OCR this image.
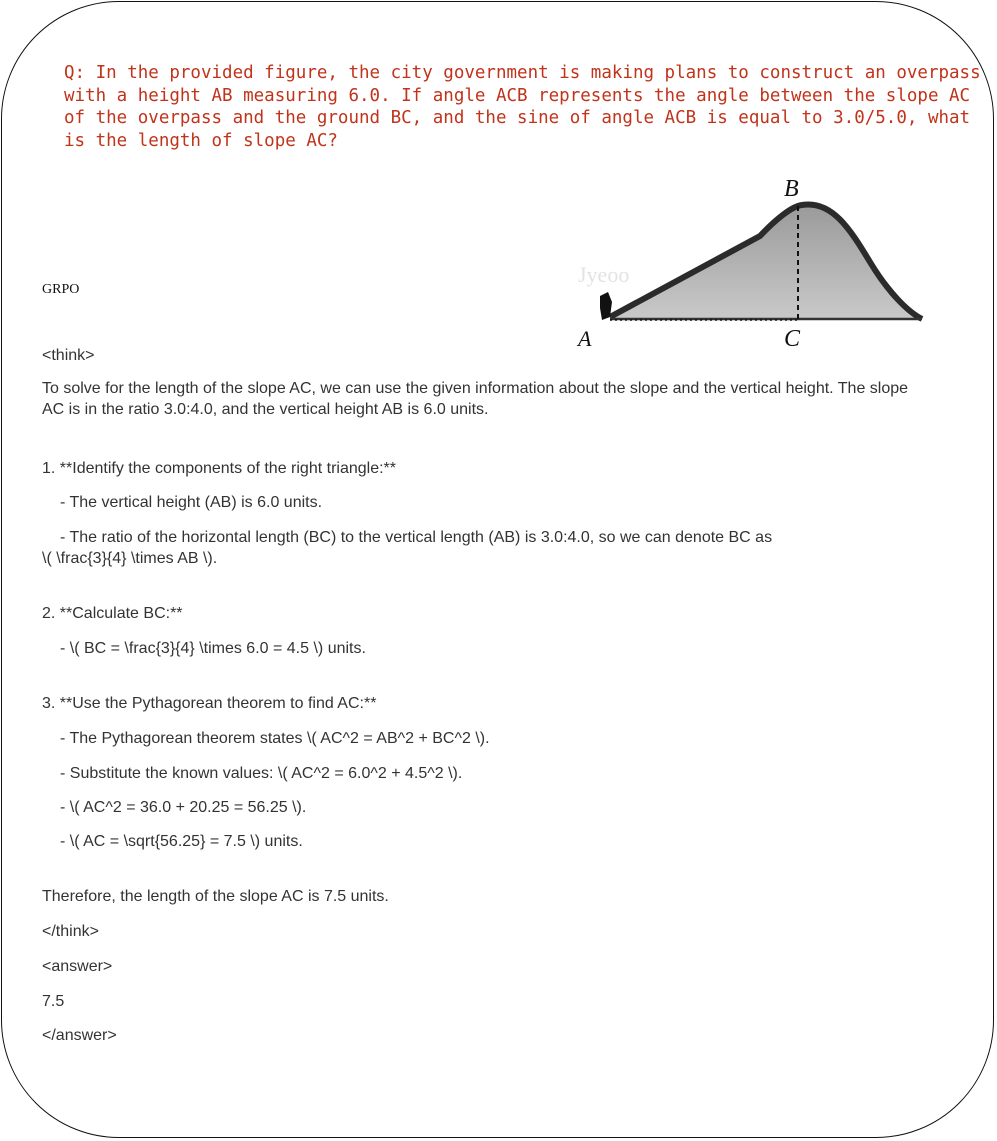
Q: In the provided figure, the city government is making plans to construct an overpass with a height AB measuring 6.0. If angle ACB represents the angle between the slope AC of the overpass and the ground BC, and the sine of angle ACB is equal to 3.0/5.0, what is the length of slope AC?

GRPO
Jyeoo
B
A	C
<think>
To solve for the length of the slope AC, we can use the given information about the slope and the vertical height. The slope AC is in the ratio 3.0:4.0, and the vertical height AB is 6.0 units.
1. **Identify the components of the right triangle:**
- The vertical height (AB) is 6.0 units.
- The ratio of the horizontal length (BC) to the vertical length (AB) is 3.0:4.0, so we can denote BC as
\( \frac{3}{4} \times AB \).
2. **Calculate BC:**
- \( BC = \frac{3}{4} \times 6.0 = 4.5 \) units.
3. **Use the Pythagorean theorem to find AC:**
- The Pythagorean theorem states \( AC^2 = AB^2 + BC^2 \).
- Substitute the known values: \( AC^2 = 6.0^2 + 4.5^2 \).
- \( AC^2 = 36.0 + 20.25 = 56.25 \).
- \( AC = \sqrt{56.25} = 7.5 \) units.
Therefore, the length of the slope AC is 7.5 units.
</think>
<answer>
7.5
</answer>
